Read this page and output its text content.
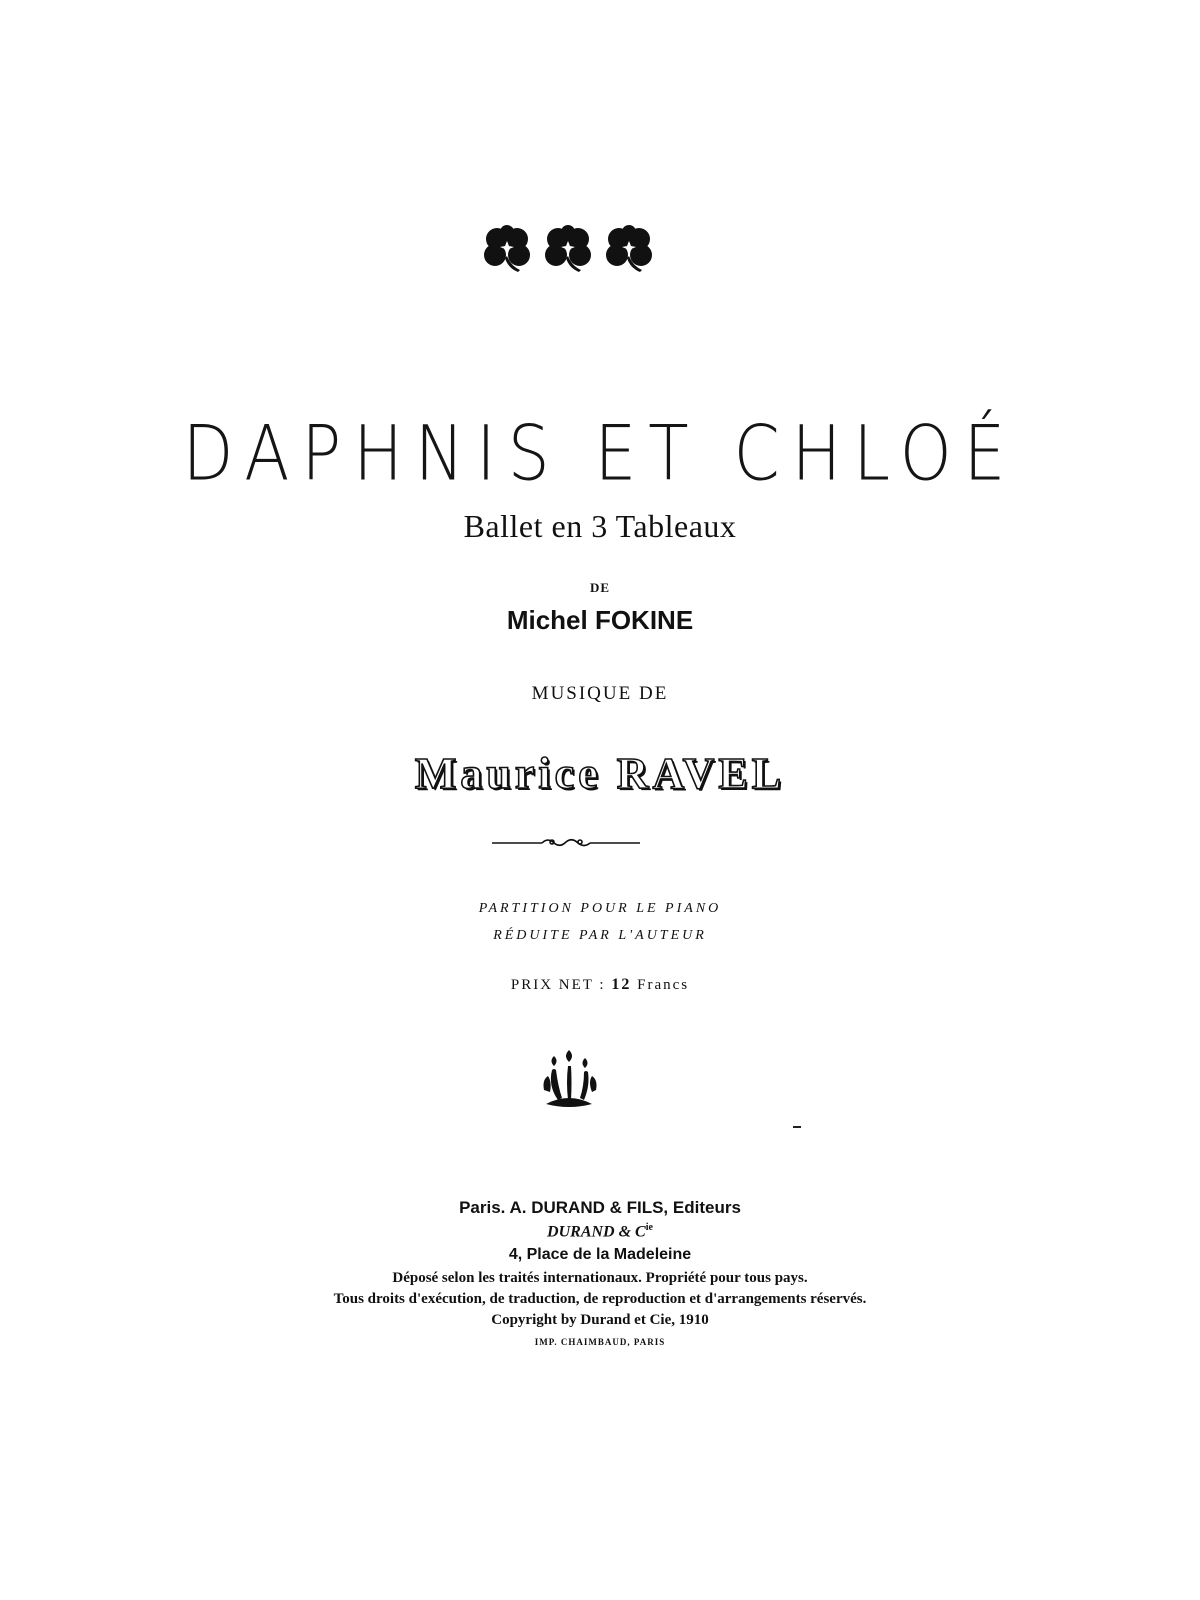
DAPHNIS ET CHLOÉ
Ballet en 3 Tableaux
DE
Michel FOKINE
MUSIQUE DE
Maurice RAVEL
PARTITION POUR LE PIANO
RÉDUITE PAR L'AUTEUR
PRIX NET : 12 Francs
Paris. A. DURAND & FILS, Editeurs
DURAND & $C^{ie}$
4, Place de la Madeleine
Déposé selon les traités internationaux. Propriété pour tous pays.
Tous droits d'exécution, de traduction, de reproduction et d'arrangements réservés.
Copyright by Durand et Cie, 1910
IMP. CHAIMBAUD, PARIS
